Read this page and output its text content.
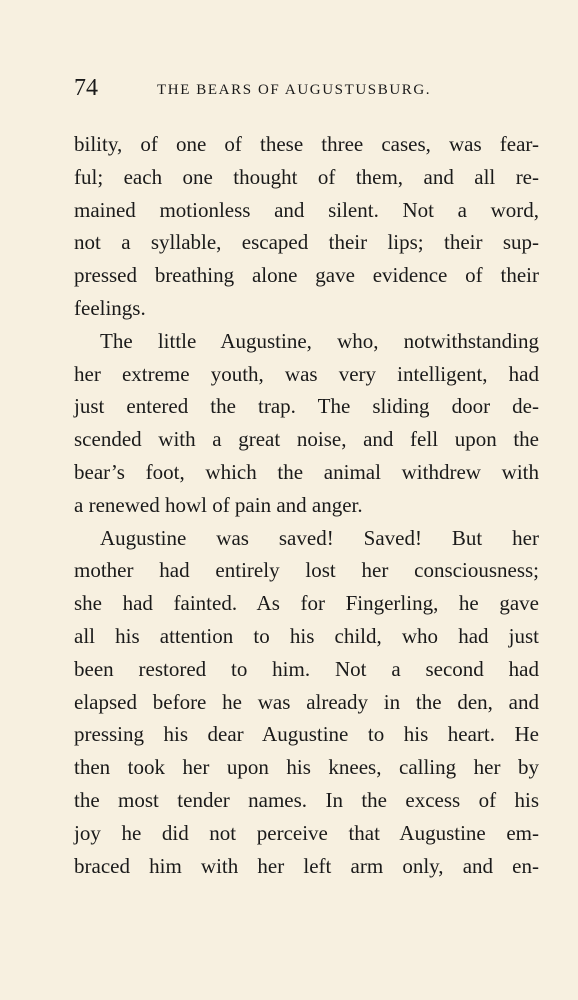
74	THE BEARS OF AUGUSTUSBURG.
bility, of one of these three cases, was fear-
ful; each one thought of them, and all re-
mained motionless and silent. Not a word,
not a syllable, escaped their lips; their sup-
pressed breathing alone gave evidence of their
feelings.
The little Augustine, who, notwithstanding
her extreme youth, was very intelligent, had
just entered the trap. The sliding door de-
scended with a great noise, and fell upon the
bear’s foot, which the animal withdrew with
a renewed howl of pain and anger.
Augustine was saved! Saved! But her
mother had entirely lost her consciousness;
she had fainted. As for Fingerling, he gave
all his attention to his child, who had just
been restored to him. Not a second had
elapsed before he was already in the den, and
pressing his dear Augustine to his heart. He
then took her upon his knees, calling her by
the most tender names. In the excess of his
joy he did not perceive that Augustine em-
braced him with her left arm only, and en-
